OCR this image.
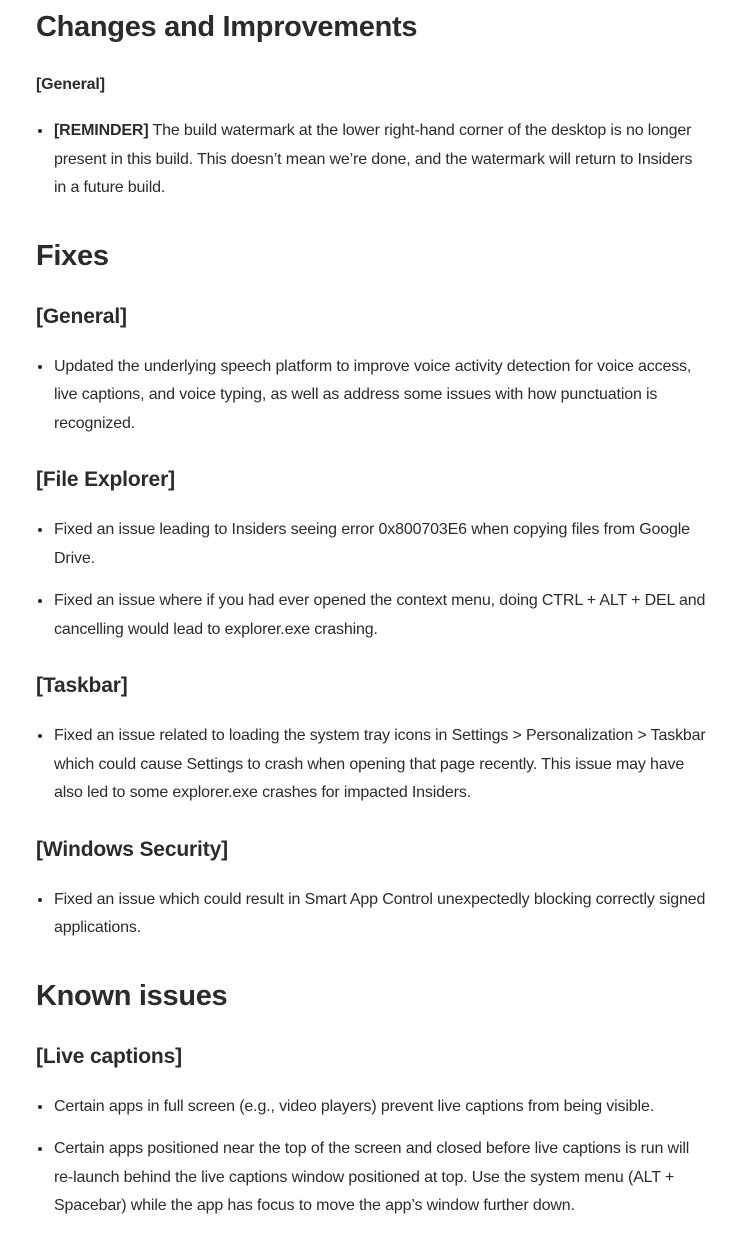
Changes and Improvements
[General]
• [REMINDER] The build watermark at the lower right-hand corner of the desktop is no longer present in this build. This doesn’t mean we’re done, and the watermark will return to Insiders in a future build.
Fixes
[General]
• Updated the underlying speech platform to improve voice activity detection for voice access, live captions, and voice typing, as well as address some issues with how punctuation is recognized.
[File Explorer]
• Fixed an issue leading to Insiders seeing error 0x800703E6 when copying files from Google Drive.
• Fixed an issue where if you had ever opened the context menu, doing CTRL + ALT + DEL and cancelling would lead to explorer.exe crashing.
[Taskbar]
• Fixed an issue related to loading the system tray icons in Settings > Personalization > Taskbar which could cause Settings to crash when opening that page recently. This issue may have also led to some explorer.exe crashes for impacted Insiders.
[Windows Security]
• Fixed an issue which could result in Smart App Control unexpectedly blocking correctly signed applications.
Known issues
[Live captions]
• Certain apps in full screen (e.g., video players) prevent live captions from being visible.
• Certain apps positioned near the top of the screen and closed before live captions is run will re-launch behind the live captions window positioned at top. Use the system menu (ALT + Spacebar) while the app has focus to move the app’s window further down.
